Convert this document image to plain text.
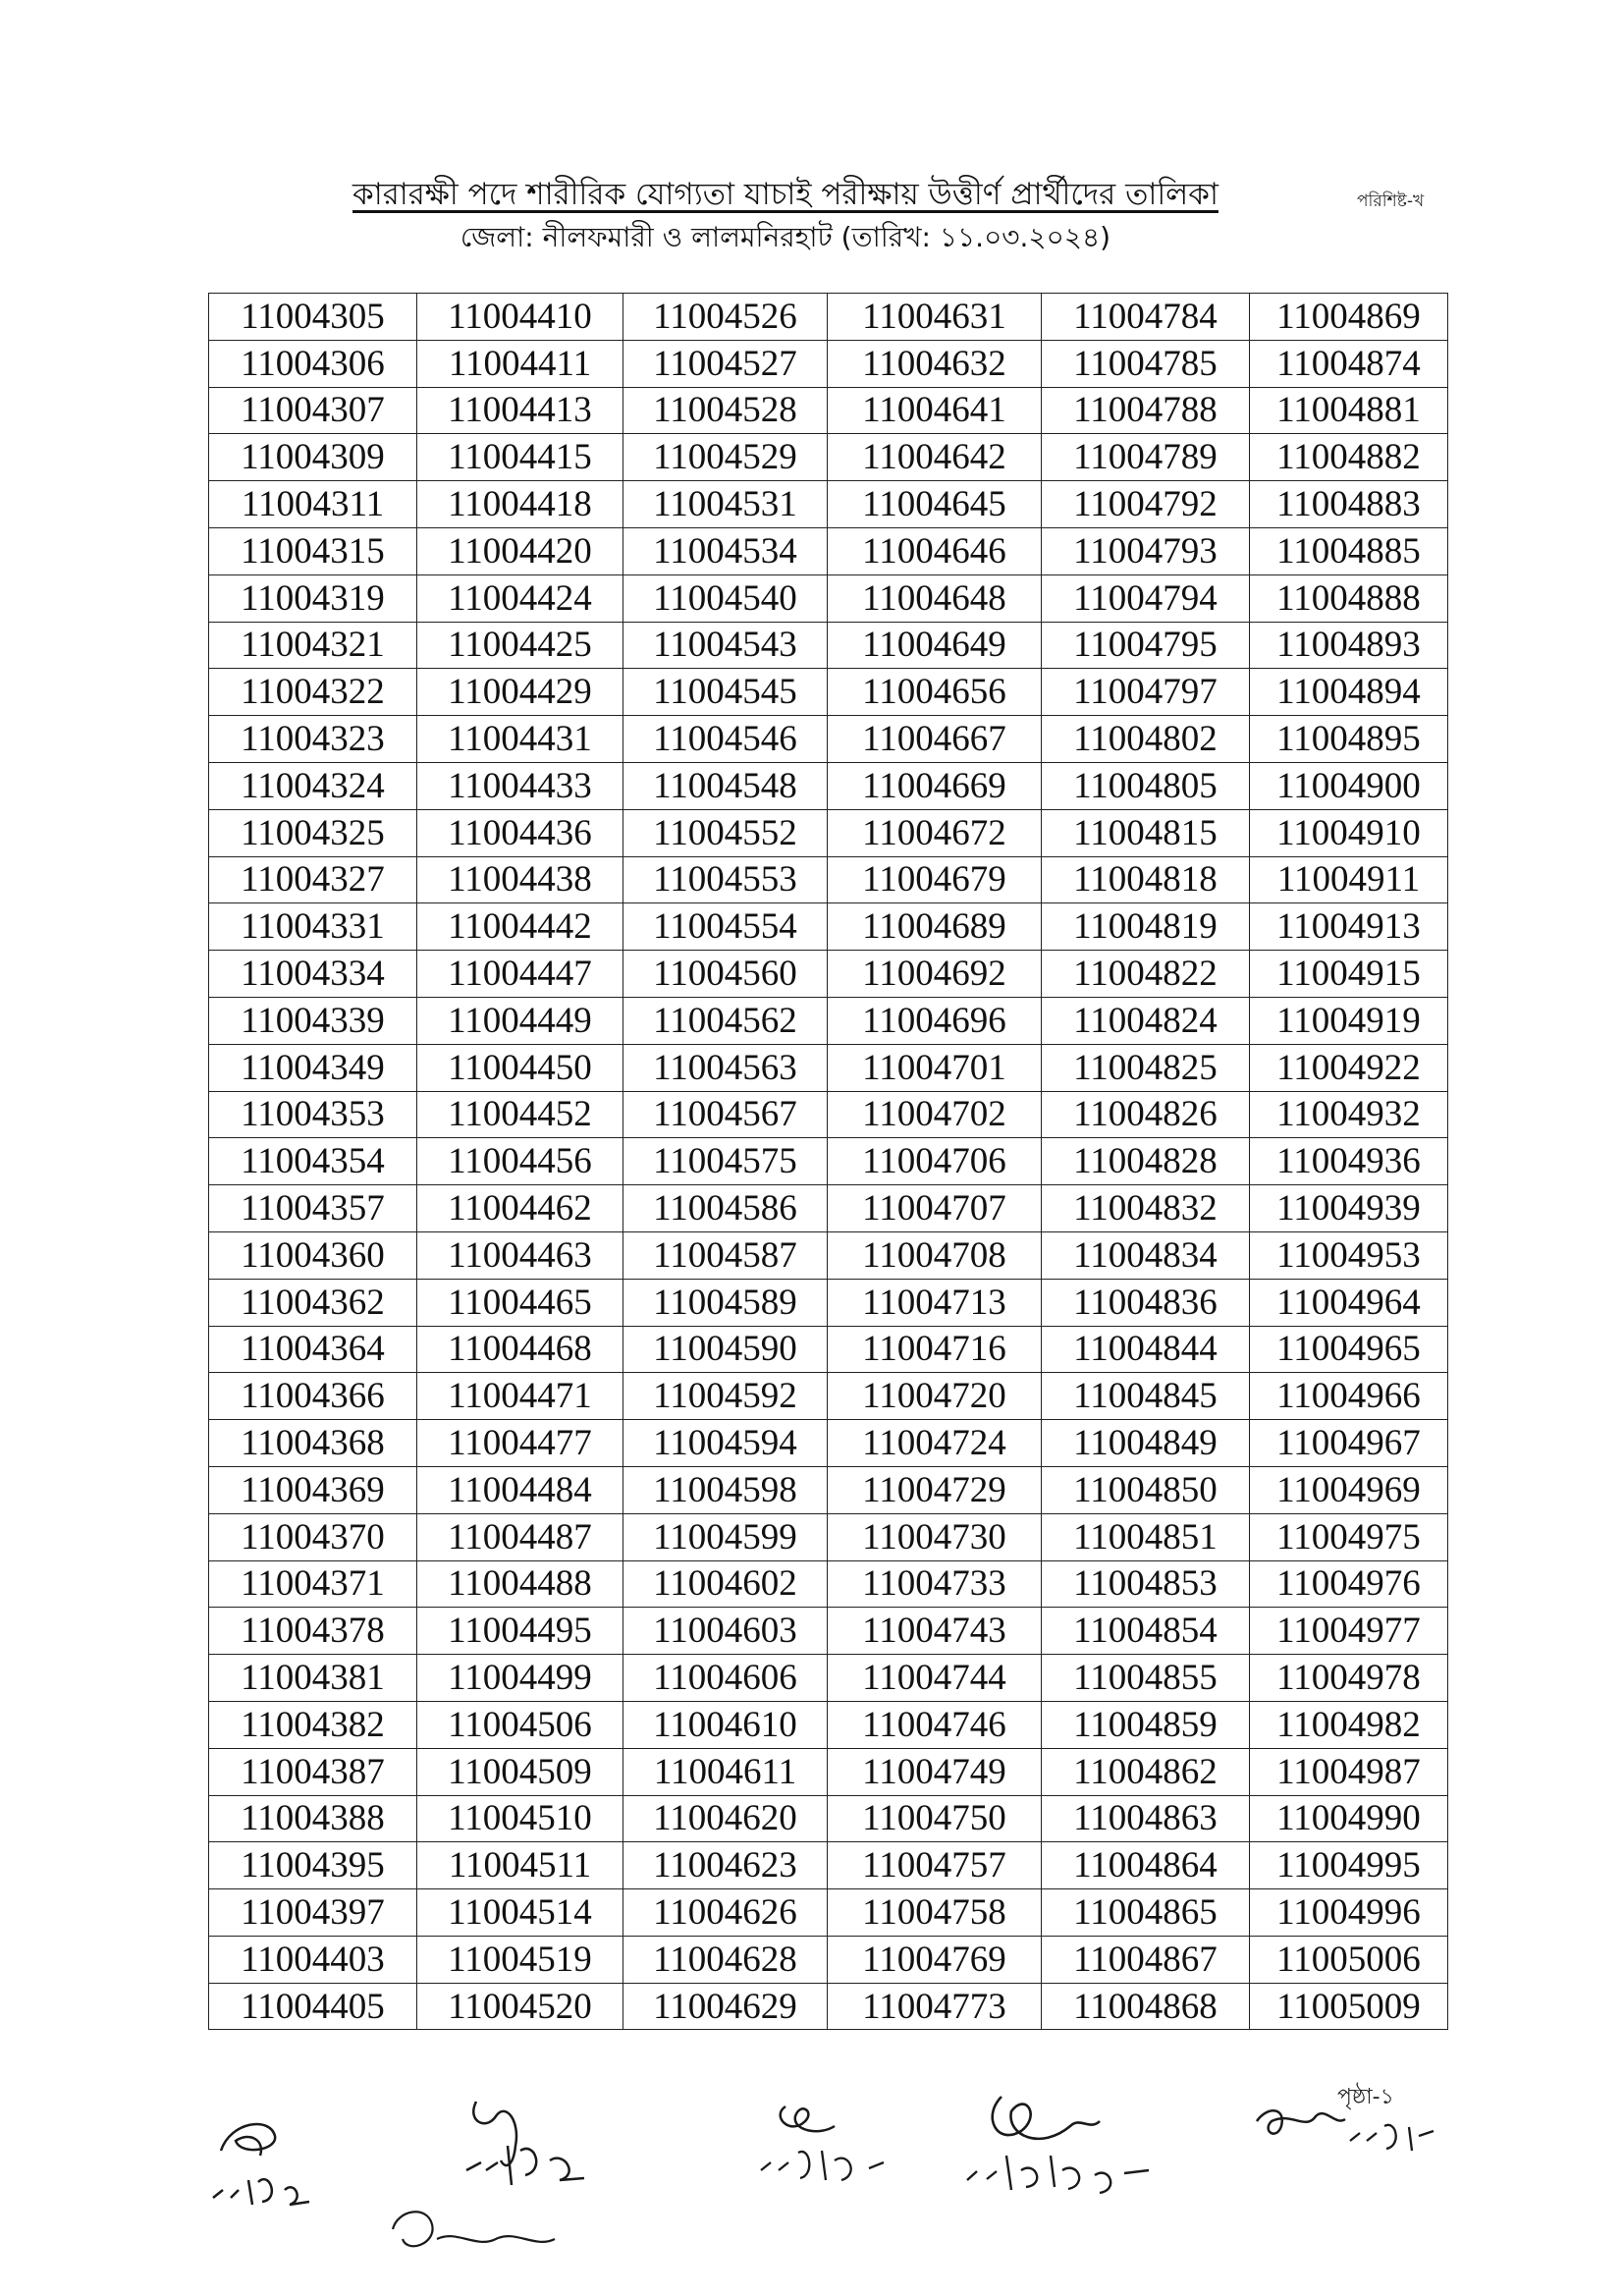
কারারক্ষী পদে শারীরিক যোগ্যতা যাচাই পরীক্ষায় উত্তীর্ণ প্রার্থীদের তালিকা	পরিশিষ্ট-খ
জেলা: নীলফমারী ও লালমনিরহাট (তারিখ: ১১.০৩.২০২৪)
11004305	11004410	11004526	11004631	11004784	11004869
11004306	11004411	11004527	11004632	11004785	11004874
11004307	11004413	11004528	11004641	11004788	11004881
11004309	11004415	11004529	11004642	11004789	11004882
11004311	11004418	11004531	11004645	11004792	11004883
11004315	11004420	11004534	11004646	11004793	11004885
11004319	11004424	11004540	11004648	11004794	11004888
11004321	11004425	11004543	11004649	11004795	11004893
11004322	11004429	11004545	11004656	11004797	11004894
11004323	11004431	11004546	11004667	11004802	11004895
11004324	11004433	11004548	11004669	11004805	11004900
11004325	11004436	11004552	11004672	11004815	11004910
11004327	11004438	11004553	11004679	11004818	11004911
11004331	11004442	11004554	11004689	11004819	11004913
11004334	11004447	11004560	11004692	11004822	11004915
11004339	11004449	11004562	11004696	11004824	11004919
11004349	11004450	11004563	11004701	11004825	11004922
11004353	11004452	11004567	11004702	11004826	11004932
11004354	11004456	11004575	11004706	11004828	11004936
11004357	11004462	11004586	11004707	11004832	11004939
11004360	11004463	11004587	11004708	11004834	11004953
11004362	11004465	11004589	11004713	11004836	11004964
11004364	11004468	11004590	11004716	11004844	11004965
11004366	11004471	11004592	11004720	11004845	11004966
11004368	11004477	11004594	11004724	11004849	11004967
11004369	11004484	11004598	11004729	11004850	11004969
11004370	11004487	11004599	11004730	11004851	11004975
11004371	11004488	11004602	11004733	11004853	11004976
11004378	11004495	11004603	11004743	11004854	11004977
11004381	11004499	11004606	11004744	11004855	11004978
11004382	11004506	11004610	11004746	11004859	11004982
11004387	11004509	11004611	11004749	11004862	11004987
11004388	11004510	11004620	11004750	11004863	11004990
11004395	11004511	11004623	11004757	11004864	11004995
11004397	11004514	11004626	11004758	11004865	11004996
11004403	11004519	11004628	11004769	11004867	11005006
11004405	11004520	11004629	11004773	11004868	11005009
পৃষ্ঠা-১
